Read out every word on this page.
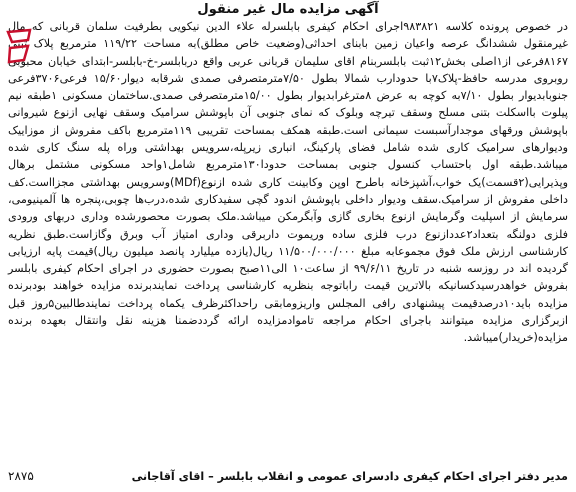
آگهی مزایده مال غیر منقول

در خصوص پرونده کلاسه ۹۸۳۸۲۱اجرای احکام کیفری بابلسرله علاء الدین نیکویی بطرفیت سلمان قربانی که مال غیرمنقول ششدانگ عرصه واعیان زمین بابنای احداثی(وضعیت خاص مطلق)به مساحت ۱۱۹/۲۲ مترمربع پلاک ثبتی ۸۱۶۷فرعی از۱اصلی بخش۱۲ثبت بابلسربنام اقای سلیمان قربانی عربی واقع دربابلسر-خ-بابلسر-ابتدای خیابان محبوبی روبروی مدرسه حافظ-پلاک۷با حدودارب شمالا بطول ۷/۵۰مترمتصرفی صمدی شرقابه دیوار۱۵/۶۰ فرعی۳۷۰۶فرعی جنوبابدیوار بطول ۷/۱۰به کوچه به عرض ۸مترغرابدیوار بطول ۱۵/۰۰مترمتصرفی صمدی.ساختمان مسکونی ۱طبقه نیم پیلوت بااسکلت بتنی مسلح وسقف تیرچه وبلوک که نمای جنوبی آن باپوشش سرامیک وسقف نهایی ازنوع شیروانی باپوشش ورقهای موجدارآسبست سیمانی است.طبقه همکف بمساحت تقریبی ۱۱۹مترمربع باکف مفروش از موزاییک ودیوارهای سرامیک کاری شده شامل فضای پارکینگ، انباری زیرپله،سرویس بهداشتی وراه پله سنگ کاری شده میباشد.طبقه اول باحتساب کنسول جنوبی بمساحت حدودا۱۳۰مترمربع شامل۱واحد مسکونی مشتمل برهال وپذیرایی(۲قسمت)یک خواب،آشپزخانه باطرح اوپن وکابینت کاری شده ازنوع(MDf)وسرویس بهداشتی مجزااست.کف داخلی مفروش از سرامیک.سقف ودیوار داخلی باپوشش اندود گچی سفیدکاری شده،درب‌ها چوبی،پنجره ها آلمینیومی، سرمایش از اسپلیت وگرمایش ازنوع بخاری گازی وآبگرمکن میباشد.ملک بصورت محصورشده وداری دربهای ورودی فلزی دولنگه بتعداد۲عددازنوع درب فلزی ساده وریموت داربرقی وداری امتیاز آب وبرق وگازاست.طبق نظریه کارشناسی ارزش ملک فوق مجموعابه مبلغ ۱۱/۵۰۰/۰۰۰/۰۰۰ ریال(یازده میلیارد پانصد میلیون ریال)قیمت پایه ارزیابی گردیده اند در روزسه شنبه در تاریخ ۹۹/۶/۱۱ از ساعت۱۰ الی۱۱صبح بصورت حضوری در اجرای احکام کیفری بابلسر بفروش خواهدرسیدکسانیکه بالاترین قیمت راباتوجه بنظریه کارشناسی پرداخت نمایندبرنده مزایده خواهند بودبرنده مزایده باید۱۰درصدقیمت پیشنهادی رافی المجلس واریزومابقی راحداکثرظرف یکماه پرداخت نمایندطالبین۵روز قبل ازبرگزاری مزایده میتوانند باجرای احکام مراجعه تاموادمزایده ارائه گرددضمنا هزینه نقل وانتقال بعهده برنده مزایده(خریدار)میباشد.

مدیر دفتر اجرای احکام کیفری دادسرای عمومی و انقلاب بابلسر – اقای آقاجانی
۲۸۷۵
